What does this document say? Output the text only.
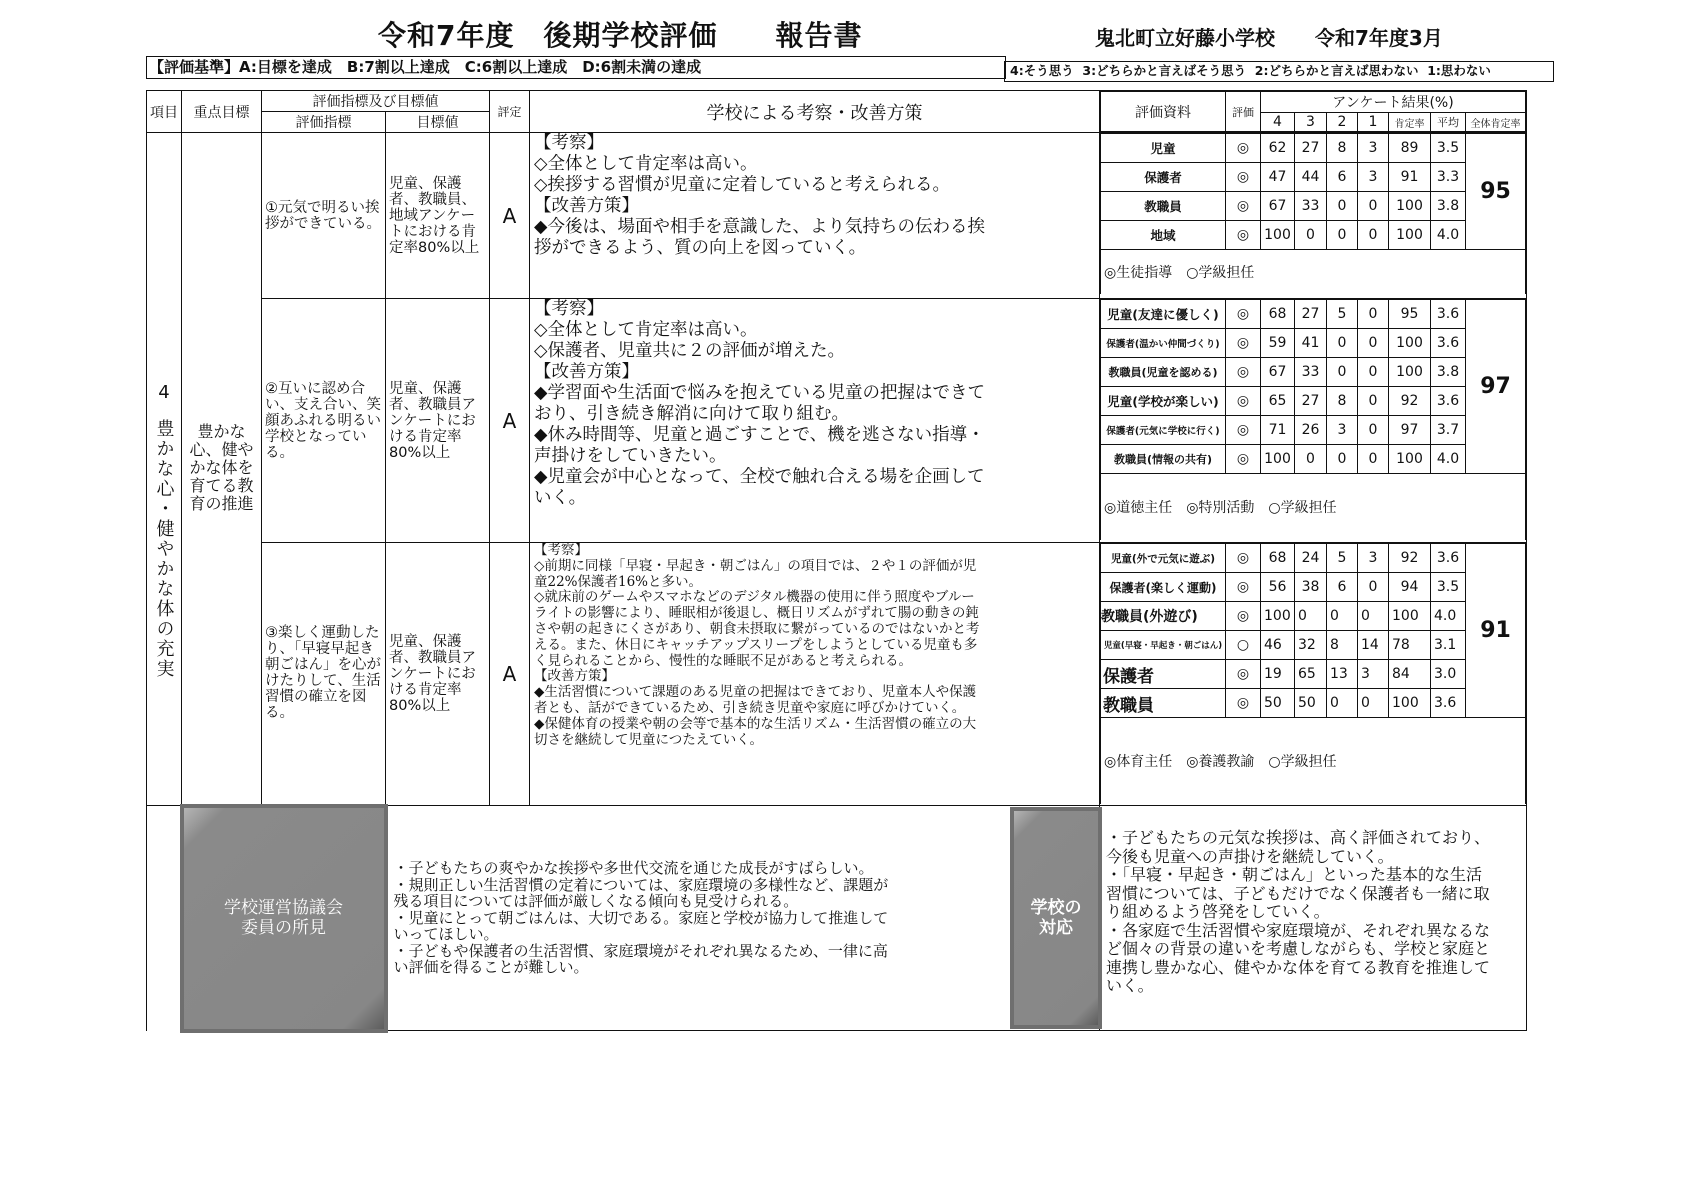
令和7年度　後期学校評価　　報告書	鬼北町立好藤小学校　　令和7年度3月
【評価基準】A:目標を達成　B:7割以上達成　C:6割以上達成　D:6割未満の達成	4:そう思う  3:どちらかと言えばそう思う  2:どちらかと言えば思わない  1:思わない
項目	重点目標	評価指標及び目標値	評定	学校による考察・改善方策		評価資料	評価	アンケート結果(%)
4	3	2	1	肯定率	平均	全体肯定率

評価指標	目標値

4
豊かな心・健やかな体の充実	豊かな心、健やかな体を育てる教育の推進
	①元気で明るい挨拶ができている。	児童、保護者、教職員、地域アンケートにおける肯定率80%以上	A	
【考察】
◇全体として肯定率は高い。
◇挨拶する習慣が児童に定着していると考えられる。
【改善方策】
◆今後は、場面や相手を意識した、より気持ちの伝わる挨
拶ができるよう、質の向上を図っていく。

児童	◎	62	27	8	3	89	3.5	95
保護者	◎	47	44	6	3	91	3.3
教職員	◎	67	33	0	0	100	3.8
地域	◎	100	0	0	0	100	4.0
◎生徒指導　○学級担任

②互いに認め合い、支え合い、笑顔あふれる明るい学校となっている。	児童、保護者、教職員アンケートにおける肯定率80%以上	A	
【考察】
◇全体として肯定率は高い。
◇保護者、児童共に２の評価が増えた。
【改善方策】
◆学習面や生活面で悩みを抱えている児童の把握はできて
おり、引き続き解消に向けて取り組む。
◆休み時間等、児童と過ごすことで、機を逃さない指導・
声掛けをしていきたい。
◆児童会が中心となって、全校で触れ合える場を企画して
いく。

児童(友達に優しく)	◎	68	27	5	0	95	3.6	97
保護者(温かい仲間づくり)	◎	59	41	0	0	100	3.6
教職員(児童を認める)	◎	67	33	0	0	100	3.8
児童(学校が楽しい)	◎	65	27	8	0	92	3.6
保護者(元気に学校に行く)	◎	71	26	3	0	97	3.7
教職員(情報の共有)	◎	100	0	0	0	100	4.0
◎道徳主任　◎特別活動　○学級担任

③楽しく運動したり、「早寝早起き朝ごはん」を心がけたりして、生活習慣の確立を図る。	児童、保護者、教職員アンケートにおける肯定率80%以上	A	
【考察】
◇前期に同様「早寝・早起き・朝ごはん」の項目では、２や１の評価が児
童22%保護者16%と多い。
◇就床前のゲームやスマホなどのデジタル機器の使用に伴う照度やブルー
ライトの影響により、睡眠相が後退し、概日リズムがずれて腸の動きの鈍
さや朝の起きにくさがあり、朝食未摂取に繋がっているのではないかと考
える。また、休日にキャッチアップスリープをしようとしている児童も多
く見られることから、慢性的な睡眠不足があると考えられる。
【改善方策】
◆生活習慣について課題のある児童の把握はできており、児童本人や保護
者とも、話ができているため、引き続き児童や家庭に呼びかけていく。
◆保健体育の授業や朝の会等で基本的な生活リズム・生活習慣の確立の大
切さを継続して児童につたえていく。

児童(外で元気に遊ぶ)	◎	68	24	5	3	92	3.6	91
保護者(楽しく運動)	◎	56	38	6	0	94	3.5
教職員(外遊び)	◎	100	0	0	0	100	4.0
児童(早寝・早起き・朝ごはん)	○	46	32	8	14	78	3.1
保護者	◎	19	65	13	3	84	3.0
教職員	◎	50	50	0	0	100	3.6
◎体育主任　◎養護教諭　○学級担任

学校運営協議会
委員の所見

・子どもたちの爽やかな挨拶や多世代交流を通じた成長がすばらしい。
・規則正しい生活習慣の定着については、家庭環境の多様性など、課題が
残る項目については評価が厳しくなる傾向も見受けられる。
・児童にとって朝ごはんは、大切である。家庭と学校が協力して推進して
いってほしい。
・子どもや保護者の生活習慣、家庭環境がそれぞれ異なるため、一律に高
い評価を得ることが難しい。

学校の
対応
・子どもたちの元気な挨拶は、高く評価されており、
今後も児童への声掛けを継続していく。
・「早寝・早起き・朝ごはん」といった基本的な生活
習慣については、子どもだけでなく保護者も一緒に取
り組めるよう啓発をしていく。
・各家庭で生活習慣や家庭環境が、それぞれ異なるな
ど個々の背景の違いを考慮しながらも、学校と家庭と
連携し豊かな心、健やかな体を育てる教育を推進して
いく。
